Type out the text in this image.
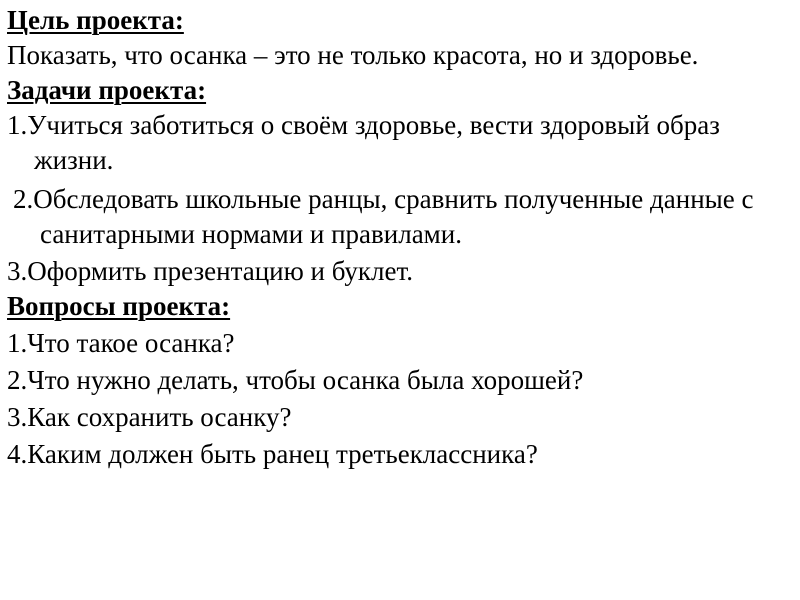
Цель проекта:

Показать, что осанка – это не только красота, но и здоровье.

Задачи проекта:

1.Учиться заботиться о своём здоровье, вести здоровый образ жизни.

2.Обследовать школьные ранцы, сравнить полученные данные с санитарными нормами и правилами.

3.Оформить презентацию и буклет.

Вопросы проекта:

1.Что такое осанка?

2.Что нужно делать, чтобы осанка была хорошей?

3.Как сохранить осанку?

4.Каким должен быть ранец третьеклассника?
